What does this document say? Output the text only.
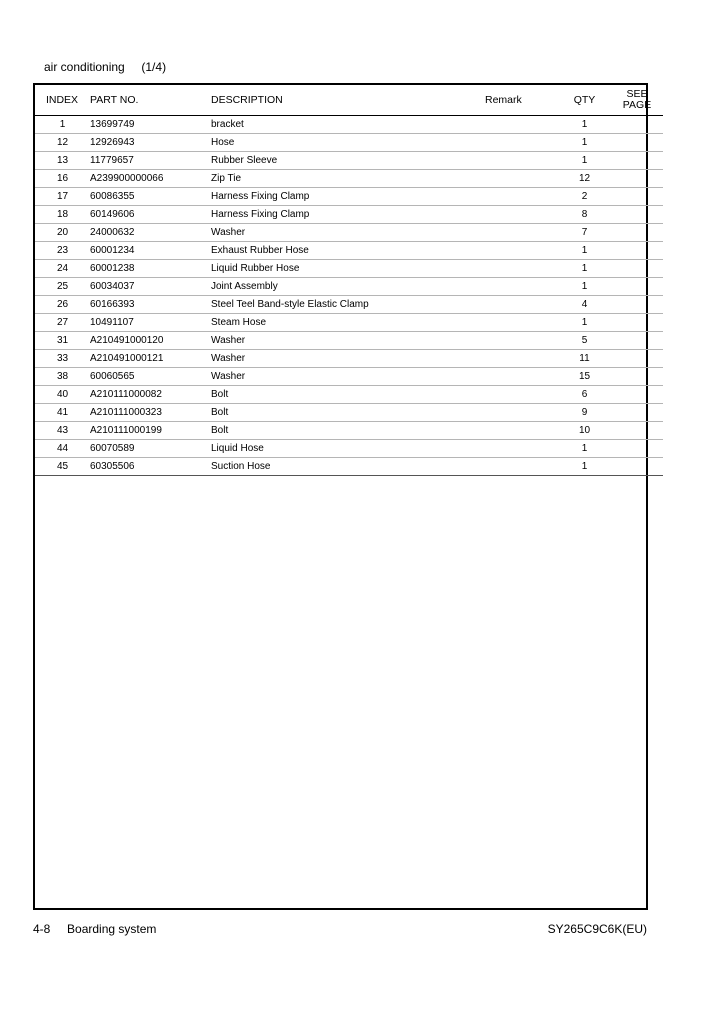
air conditioning     (1/4)
INDEX	PART NO.	DESCRIPTION	Remark	QTY	SEE
PAGE
1	13699749	bracket		1	
12	12926943	Hose		1	
13	11779657	Rubber Sleeve		1	
16	A239900000066	Zip Tie		12	
17	60086355	Harness Fixing Clamp		2	
18	60149606	Harness Fixing Clamp		8	
20	24000632	Washer		7	
23	60001234	Exhaust Rubber Hose		1	
24	60001238	Liquid Rubber Hose		1	
25	60034037	Joint Assembly		1	
26	60166393	Steel Teel Band-style Elastic Clamp		4	
27	10491107	Steam Hose		1	
31	A210491000120	Washer		5	
33	A210491000121	Washer		11	
38	60060565	Washer		15	
40	A210111000082	Bolt		6	
41	A210111000323	Bolt		9	
43	A210111000199	Bolt		10	
44	60070589	Liquid Hose		1	
45	60305506	Suction Hose		1	
4-8     Boarding system	SY265C9C6K(EU)
